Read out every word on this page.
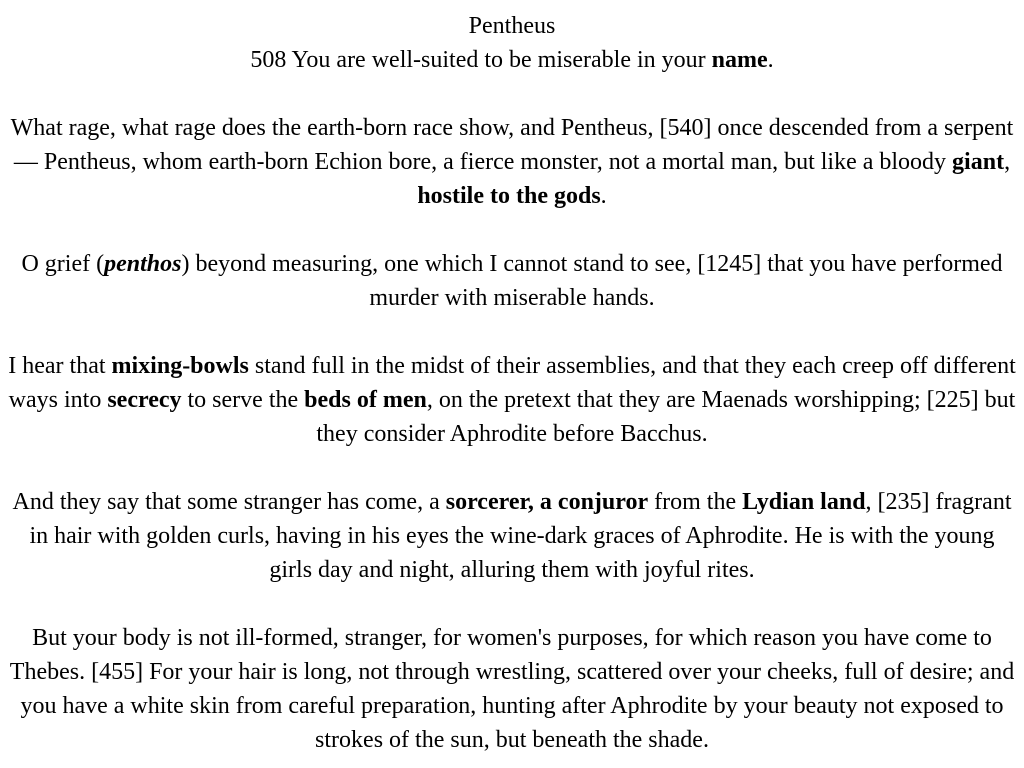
Pentheus
508 You are well-suited to be miserable in your name.

What rage, what rage does the earth-born race show, and Pentheus, [540] once descended from a serpent — Pentheus, whom earth-born Echion bore, a fierce monster, not a mortal man, but like a bloody giant, hostile to the gods.

O grief (penthos) beyond measuring, one which I cannot stand to see, [1245] that you have performed murder with miserable hands.

I hear that mixing-bowls stand full in the midst of their assemblies, and that they each creep off different ways into secrecy to serve the beds of men, on the pretext that they are Maenads worshipping; [225] but they consider Aphrodite before Bacchus.

And they say that some stranger has come, a sorcerer, a conjuror from the Lydian land, [235] fragrant in hair with golden curls, having in his eyes the wine-dark graces of Aphrodite. He is with the young girls day and night, alluring them with joyful rites.

But your body is not ill-formed, stranger, for women's purposes, for which reason you have come to Thebes. [455] For your hair is long, not through wrestling, scattered over your cheeks, full of desire; and you have a white skin from careful preparation, hunting after Aphrodite by your beauty not exposed to strokes of the sun, but beneath the shade.
